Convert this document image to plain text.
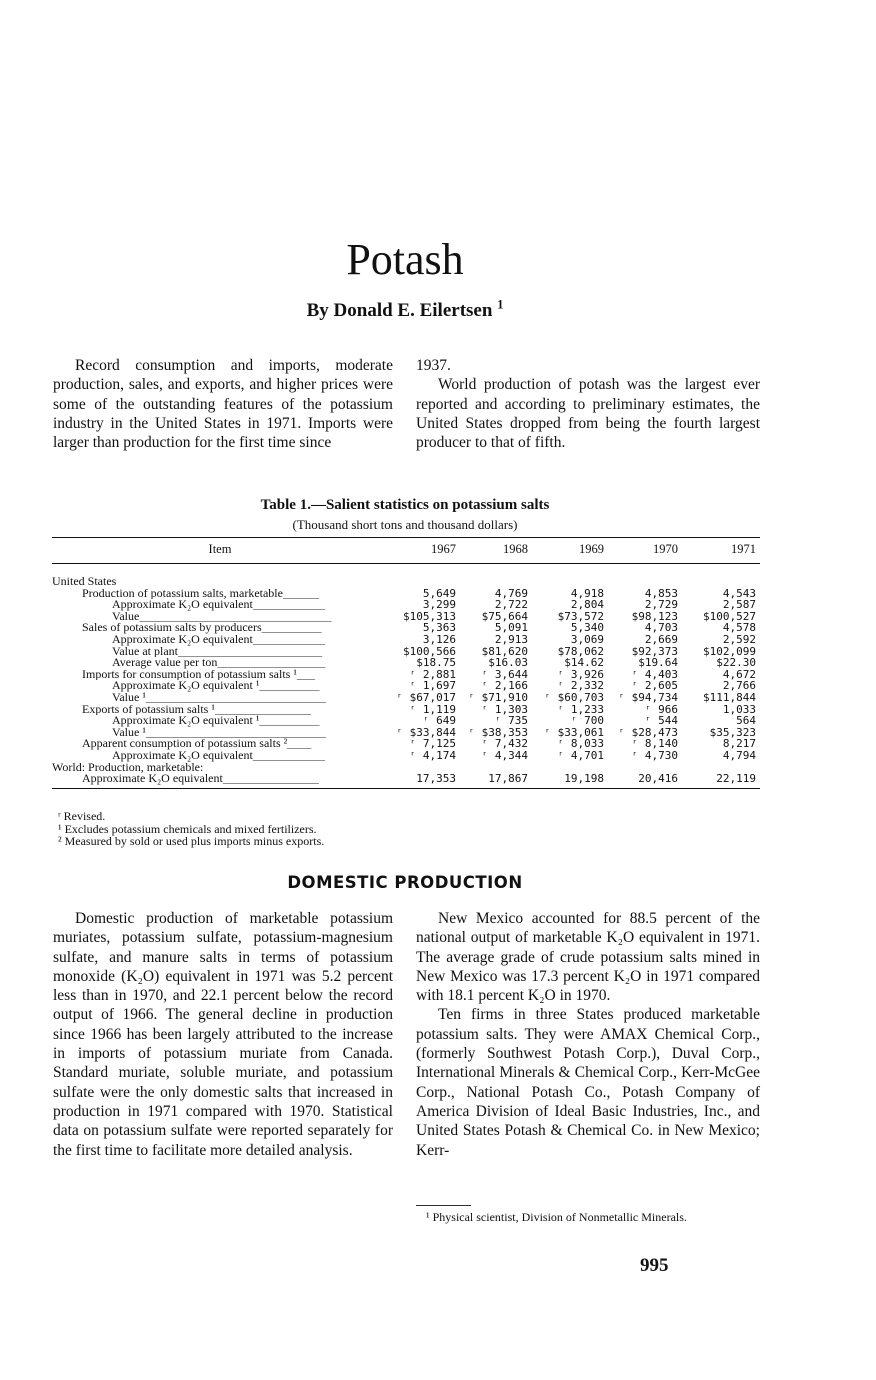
Potash
By Donald E. Eilertsen $^1$

Record consumption and imports, moderate production, sales, and exports, and higher prices were some of the outstanding features of the potassium industry in the United States in 1971. Imports were larger than production for the first time since

1937.

World production of potash was the largest ever reported and according to preliminary estimates, the United States dropped from being the fourth largest producer to that of fifth.

Table 1.—Salient statistics on potassium salts
(Thousand short tons and thousand dollars)
Item	1967	1968	1969	1970	1971
United States					
Production of potassium salts, marketable______	5,649	4,769	4,918	4,853	4,543
Approximate K₂O equivalent____________	3,299	2,722	2,804	2,729	2,587
Value________________________________	$105,313	$75,664	$73,572	$98,123	$100,527
Sales of potassium salts by producers__________	5,363	5,091	5,340	4,703	4,578
Approximate K₂O equivalent____________	3,126	2,913	3,069	2,669	2,592
Value at plant________________________	$100,566	$81,620	$78,062	$92,373	$102,099
Average value per ton__________________	$18.75	$16.03	$14.62	$19.64	$22.30
Imports for consumption of potassium salts ¹___	ʳ 2,881	ʳ 3,644	ʳ 3,926	ʳ 4,403	4,672
Approximate K₂O equivalent ¹__________	ʳ 1,697	ʳ 2,166	ʳ 2,332	ʳ 2,605	2,766
Value ¹______________________________	ʳ $67,017	ʳ $71,910	ʳ $60,703	ʳ $94,734	$111,844
Exports of potassium salts ¹________________	ʳ 1,119	ʳ 1,303	ʳ 1,233	ʳ 966	1,033
Approximate K₂O equivalent ¹__________	ʳ 649	ʳ 735	ʳ 700	ʳ 544	564
Value ¹______________________________	ʳ $33,844	ʳ $38,353	ʳ $33,061	ʳ $28,473	$35,323
Apparent consumption of potassium salts ²____	ʳ 7,125	ʳ 7,432	ʳ 8,033	ʳ 8,140	8,217
Approximate K₂O equivalent____________	ʳ 4,174	ʳ 4,344	ʳ 4,701	ʳ 4,730	4,794
World: Production, marketable:					
Approximate K₂O equivalent________________	17,353	17,867	19,198	20,416	22,119
ʳ Revised.
¹ Excludes potassium chemicals and mixed fertilizers.
² Measured by sold or used plus imports minus exports.
DOMESTIC PRODUCTION

Domestic production of marketable potassium muriates, potassium sulfate, potassium-magnesium sulfate, and manure salts in terms of potassium monoxide (K₂O) equivalent in 1971 was 5.2 percent less than in 1970, and 22.1 percent below the record output of 1966. The general decline in production since 1966 has been largely attributed to the increase in imports of potassium muriate from Canada. Standard muriate, soluble muriate, and potassium sulfate were the only domestic salts that increased in production in 1971 compared with 1970. Statistical data on potassium sulfate were reported separately for the first time to facilitate more detailed analysis.

New Mexico accounted for 88.5 percent of the national output of marketable K₂O equivalent in 1971. The average grade of crude potassium salts mined in New Mexico was 17.3 percent K₂O in 1971 compared with 18.1 percent K₂O in 1970.

Ten firms in three States produced marketable potassium salts. They were AMAX Chemical Corp., (formerly Southwest Potash Corp.), Duval Corp., International Minerals & Chemical Corp., Kerr-McGee Corp., National Potash Co., Potash Company of America Division of Ideal Basic Industries, Inc., and United States Potash & Chemical Co. in New Mexico; Kerr-

¹ Physical scientist, Division of Nonmetallic Minerals.

995
